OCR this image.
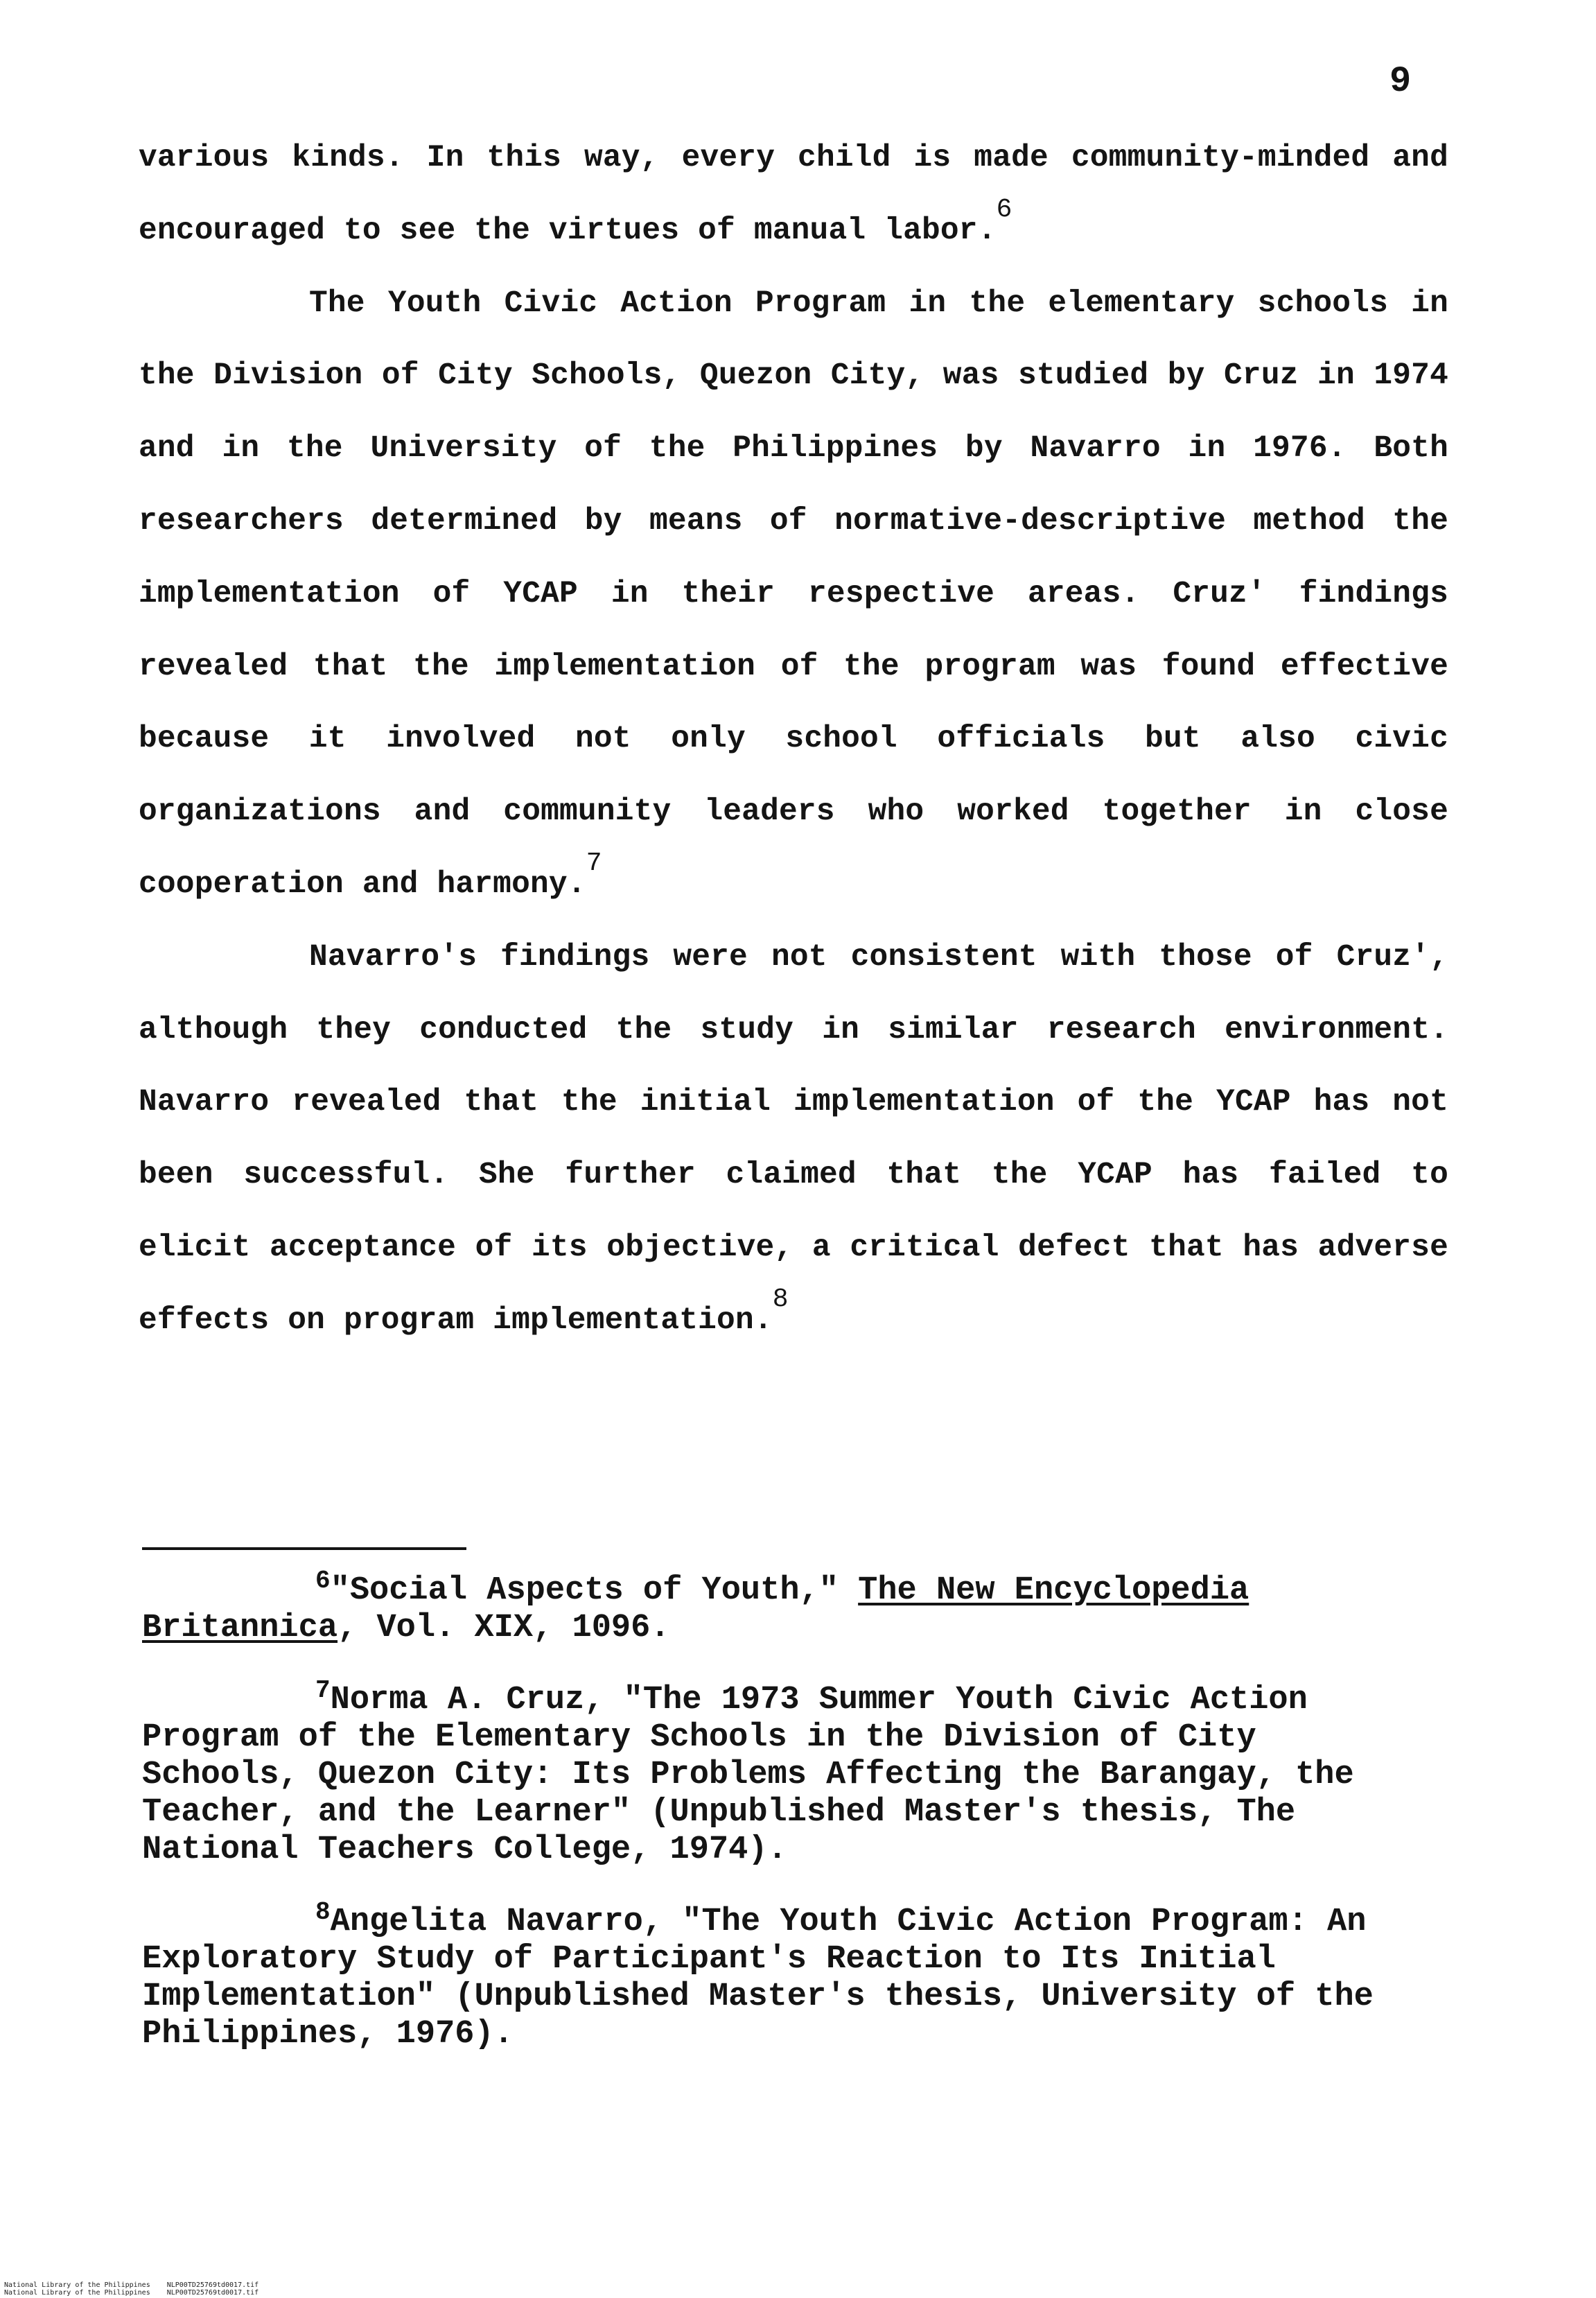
9

various kinds. In this way, every child is made community-minded and encouraged to see the virtues of manual labor.$^6$

The Youth Civic Action Program in the elementary schools in the Division of City Schools, Quezon City, was studied by Cruz in 1974 and in the University of the Philippines by Navarro in 1976. Both researchers determined by means of normative-descriptive method the implementation of YCAP in their respective areas. Cruz' findings revealed that the implementation of the program was found effective because it involved not only school officials but also civic organizations and community leaders who worked together in close cooperation and harmony.$^7$

Navarro's findings were not consistent with those of Cruz', although they conducted the study in similar research environment. Navarro revealed that the initial implementation of the YCAP has not been successful. She further claimed that the YCAP has failed to elicit acceptance of its objective, a critical defect that has adverse effects on program implementation.$^8$

$^6$"Social Aspects of Youth," The New Encyclopedia Britannica, Vol. XIX, 1096.

$^7$Norma A. Cruz, "The 1973 Summer Youth Civic Action Program of the Elementary Schools in the Division of City Schools, Quezon City: Its Problems Affecting the Barangay, the Teacher, and the Learner" (Unpublished Master's thesis, The National Teachers College, 1974).

$^8$Angelita Navarro, "The Youth Civic Action Program: An Exploratory Study of Participant's Reaction to Its Initial Implementation" (Unpublished Master's thesis, University of the Philippines, 1976).

National Library of the Philippines NLP00TD25769td0017.tif
National Library of the Philippines NLP00TD25769td0017.tif
